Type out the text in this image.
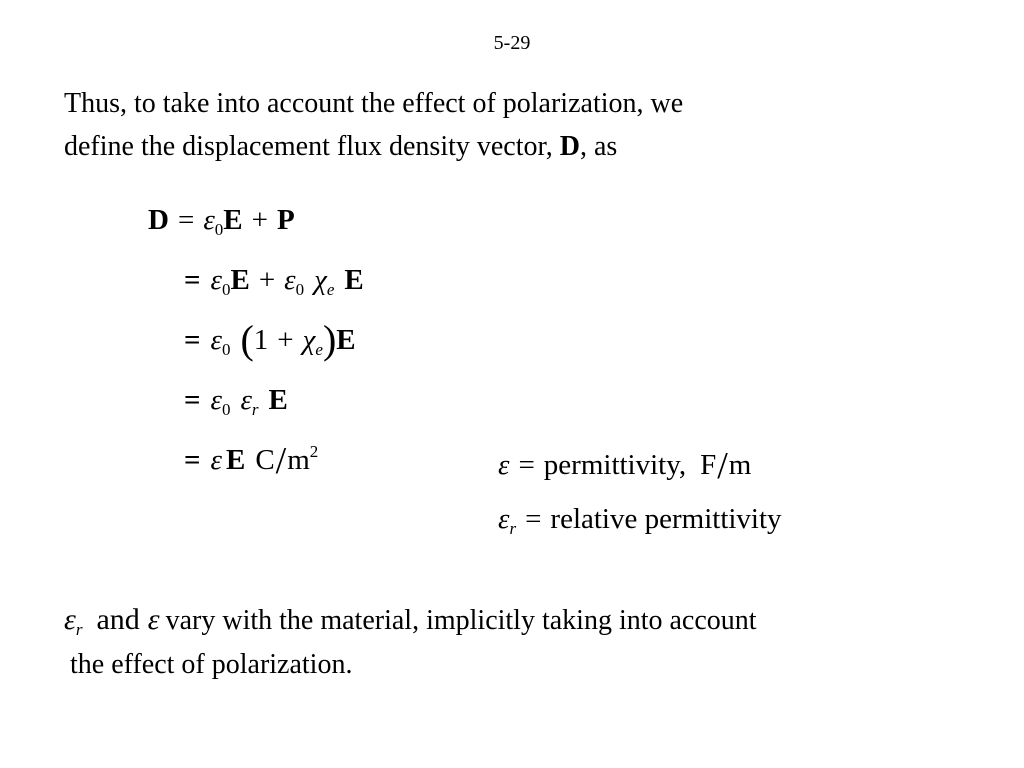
5-29
Thus, to take into account the effect of polarization, we
define the displacement flux density vector, D, as
$D = \varepsilon_0E + P$
= $\varepsilon_0E + \varepsilon_0$ $\chi_e$ E
= $\varepsilon_0$ $(1 + \chi_e)E$
= $\varepsilon_0$ $\varepsilon_r$ E
= ε E $C/m^2$	ε = permittivity, F/m
$\varepsilon_r$ = relative permittivity
$\varepsilon_r$ and ε vary with the material, implicitly taking into account
the effect of polarization.
